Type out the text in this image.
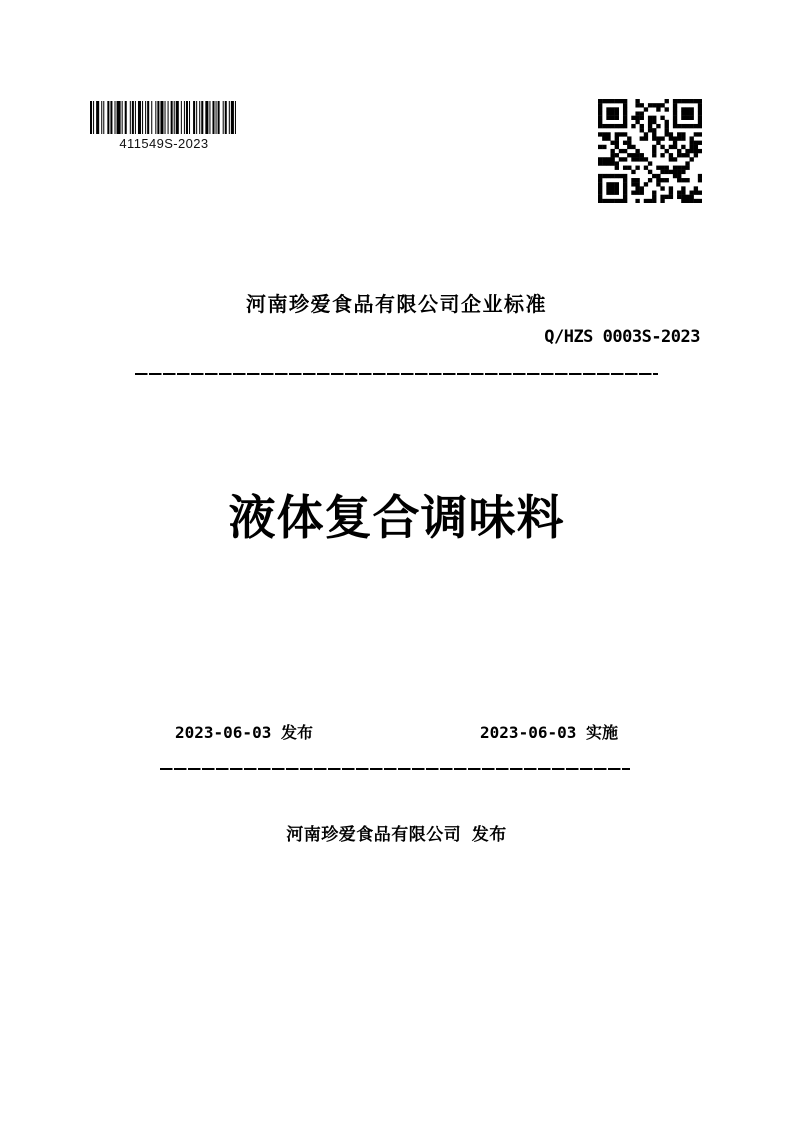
411549S-2023
河南珍爱食品有限公司企业标准
Q/HZS 0003S-2023
液体复合调味料
2023-06-03 发布	2023-06-03 实施
河南珍爱食品有限公司  发布
